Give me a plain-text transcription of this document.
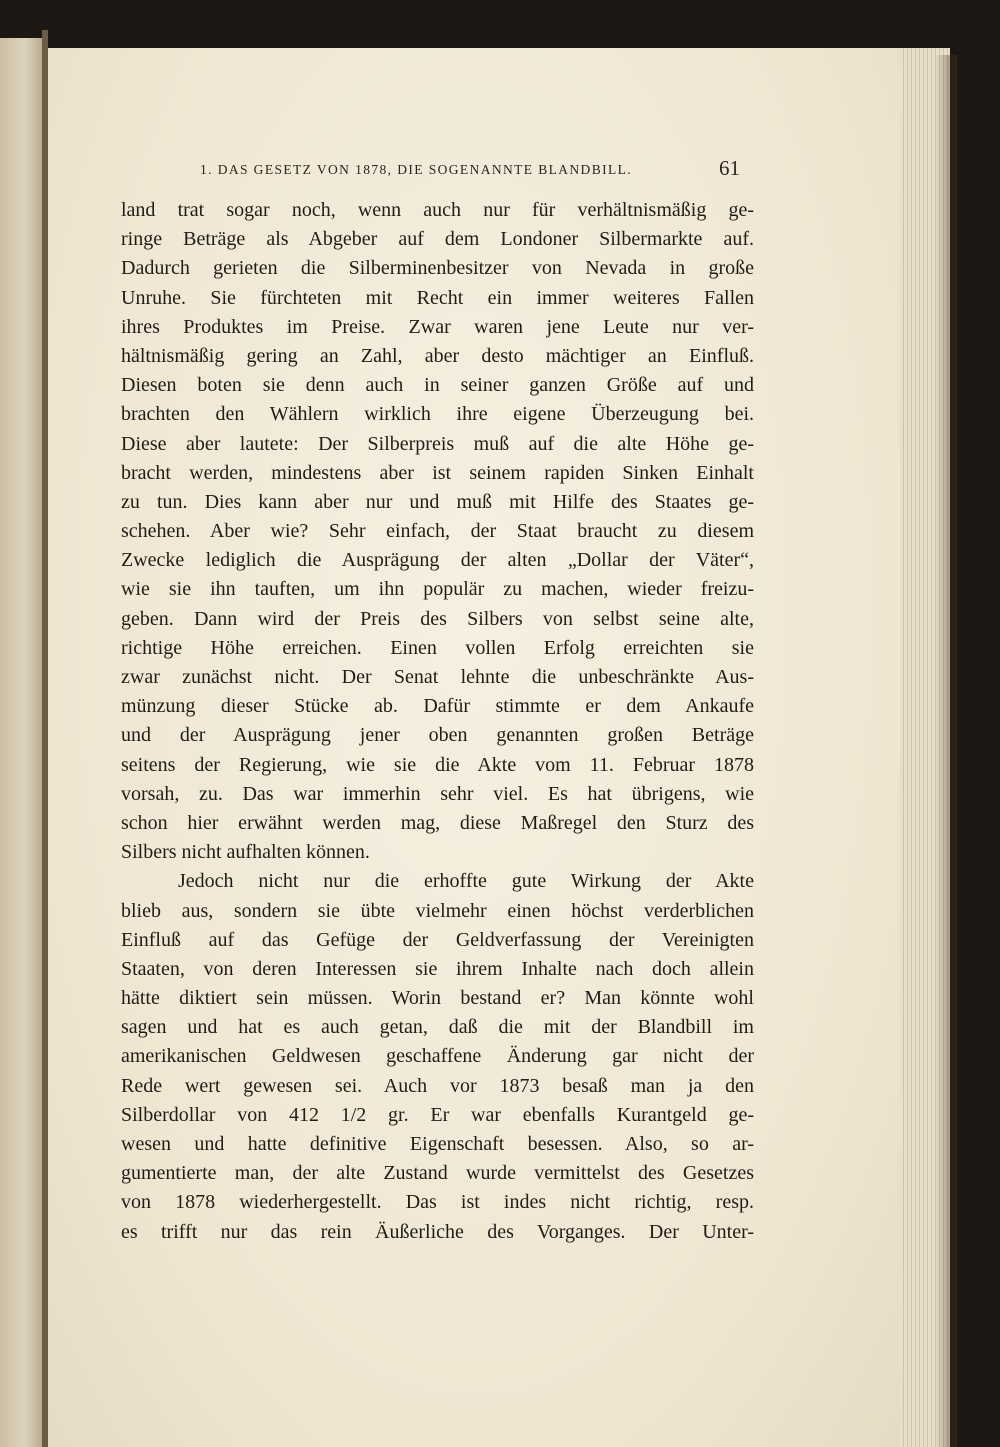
1. DAS GESETZ VON 1878, DIE SOGENANNTE BLANDBILL.	61
land trat sogar noch, wenn auch nur für verhältnismäßig ge-
ringe Beträge als Abgeber auf dem Londoner Silbermarkte auf.
Dadurch gerieten die Silberminenbesitzer von Nevada in große
Unruhe. Sie fürchteten mit Recht ein immer weiteres Fallen
ihres Produktes im Preise. Zwar waren jene Leute nur ver-
hältnismäßig gering an Zahl, aber desto mächtiger an Einfluß.
Diesen boten sie denn auch in seiner ganzen Größe auf und
brachten den Wählern wirklich ihre eigene Überzeugung bei.
Diese aber lautete: Der Silberpreis muß auf die alte Höhe ge-
bracht werden, mindestens aber ist seinem rapiden Sinken Einhalt
zu tun. Dies kann aber nur und muß mit Hilfe des Staates ge-
schehen. Aber wie? Sehr einfach, der Staat braucht zu diesem
Zwecke lediglich die Ausprägung der alten „Dollar der Väter“,
wie sie ihn tauften, um ihn populär zu machen, wieder freizu-
geben. Dann wird der Preis des Silbers von selbst seine alte,
richtige Höhe erreichen. Einen vollen Erfolg erreichten sie
zwar zunächst nicht. Der Senat lehnte die unbeschränkte Aus-
münzung dieser Stücke ab. Dafür stimmte er dem Ankaufe
und der Ausprägung jener oben genannten großen Beträge
seitens der Regierung, wie sie die Akte vom 11. Februar 1878
vorsah, zu. Das war immerhin sehr viel. Es hat übrigens, wie
schon hier erwähnt werden mag, diese Maßregel den Sturz des
Silbers nicht aufhalten können.
Jedoch nicht nur die erhoffte gute Wirkung der Akte
blieb aus, sondern sie übte vielmehr einen höchst verderblichen
Einfluß auf das Gefüge der Geldverfassung der Vereinigten
Staaten, von deren Interessen sie ihrem Inhalte nach doch allein
hätte diktiert sein müssen. Worin bestand er? Man könnte wohl
sagen und hat es auch getan, daß die mit der Blandbill im
amerikanischen Geldwesen geschaffene Änderung gar nicht der
Rede wert gewesen sei. Auch vor 1873 besaß man ja den
Silberdollar von 412 1/2 gr. Er war ebenfalls Kurantgeld ge-
wesen und hatte definitive Eigenschaft besessen. Also, so ar-
gumentierte man, der alte Zustand wurde vermittelst des Gesetzes
von 1878 wiederhergestellt. Das ist indes nicht richtig, resp.
es trifft nur das rein Äußerliche des Vorganges. Der Unter-
